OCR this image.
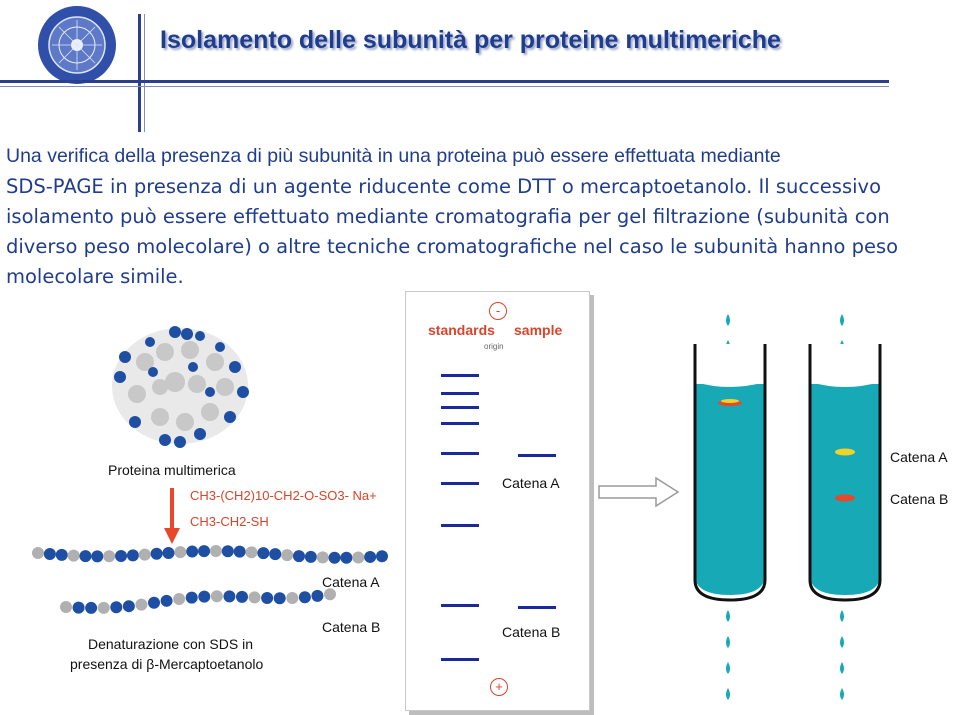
Isolamento delle subunità per proteine multimeriche
Una verifica della presenza di più subunità in una proteina può essere effettuata mediante
SDS-PAGE in presenza di un agente riducente come DTT o mercaptoetanolo. Il successivo
isolamento può essere effettuato mediante cromatografia per gel filtrazione (subunità con
diverso peso molecolare) o altre tecniche cromatografiche nel caso le subunità hanno peso
molecolare simile.
Proteina multimerica
CH3-(CH2)10-CH2-O-SO3- Na+
CH3-CH2-SH
Catena A
Catena B
Denaturazione con SDS in
presenza di β-Mercaptoetanolo
-
standards sample
origin
Catena A
Catena B
+
Catena A
Catena B
